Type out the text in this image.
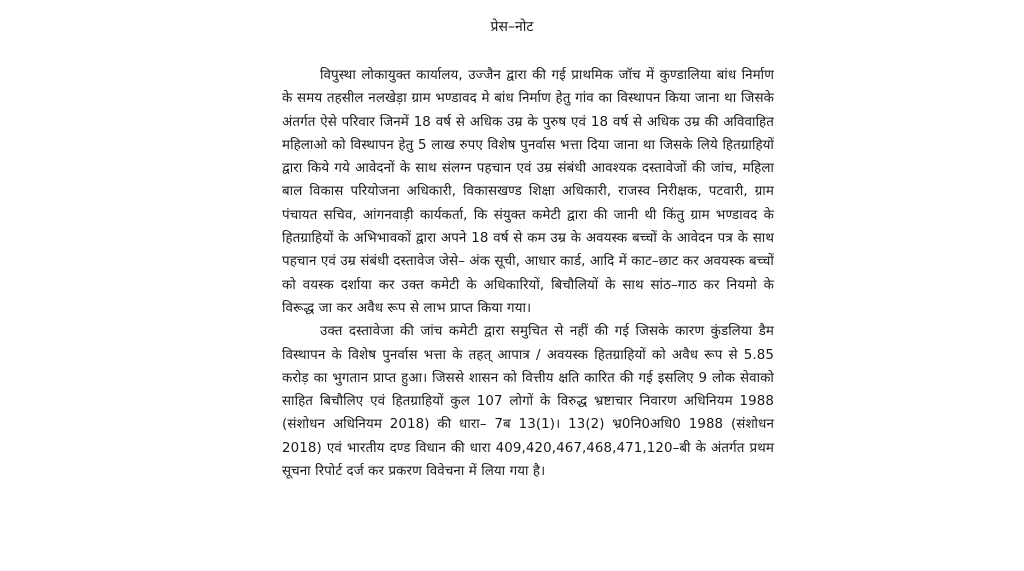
प्रेस–नोट

विपुस्था लोकायुक्त कार्यालय, उज्जैन द्वारा की गई प्राथमिक जॉच में कुण्डालिया बांध निर्माण के समय तहसील नलखेड़ा ग्राम भण्डावद मे बांध निर्माण हेतु गांव का विस्थापन किया जाना था जिसके अंतर्गत ऐसे परिवार जिनमें 18 वर्ष से अधिक उम्र के पुरुष एवं 18 वर्ष से अधिक उम्र की अविवाहित महिलाओ को विस्थापन हेतु 5 लाख रुपए विशेष पुनर्वास भत्ता दिया जाना था जिसके लिये हितग्राहियों द्वारा किये गये आवेदनों के साथ संलग्न पहचान एवं उम्र संबंधी आवश्यक दस्तावेजों की जांच, महिला बाल विकास परियोजना अधिकारी, विकासखण्ड शिक्षा अधिकारी, राजस्व निरीक्षक, पटवारी, ग्राम पंचायत सचिव, आंगनवाड़ी कार्यकर्ता, कि संयुक्त कमेटी द्वारा की जानी थी किंतु ग्राम भण्डावद के हितग्राहियों के अभिभावकों द्वारा अपने 18 वर्ष से कम उम्र के अवयस्क बच्चों के आवेदन पत्र के साथ पहचान एवं उम्र संबंधी दस्तावेज जेसे– अंक सूची, आधार कार्ड, आदि में काट–छाट कर अवयस्क बच्चों को वयस्क दर्शाया कर उक्त कमेटी के अधिकारियों, बिचौलियों के साथ सांठ–गाठ कर नियमो के विरूद्ध जा कर अवैध रूप से लाभ प्राप्त किया गया।

उक्त दस्तावेजा की जांच कमेटी द्वारा समुचित से नहीं की गई जिसके कारण कुंडलिया डैम विस्थापन के विशेष पुनर्वास भत्ता के तहत् आपात्र / अवयस्क हितग्राहियों को अवैध रूप से 5.85 करोड़ का भुगतान प्राप्त हुआ। जिससे शासन को वित्तीय क्षति कारित की गई इसलिए 9 लोक सेवाको साहित बिचौलिए एवं हितग्राहियों कुल 107 लोगों के विरुद्ध भ्रष्टाचार निवारण अधिनियम 1988 (संशोधन अधिनियम 2018) की धारा– 7ब 13(1)। 13(2) भ्र0नि0अधि0 1988 (संशोधन 2018) एवं भारतीय दण्ड विधान की धारा 409,420,467,468,471,120–बी के अंतर्गत प्रथम सूचना रिपोर्ट दर्ज कर प्रकरण विवेचना में लिया गया है।
